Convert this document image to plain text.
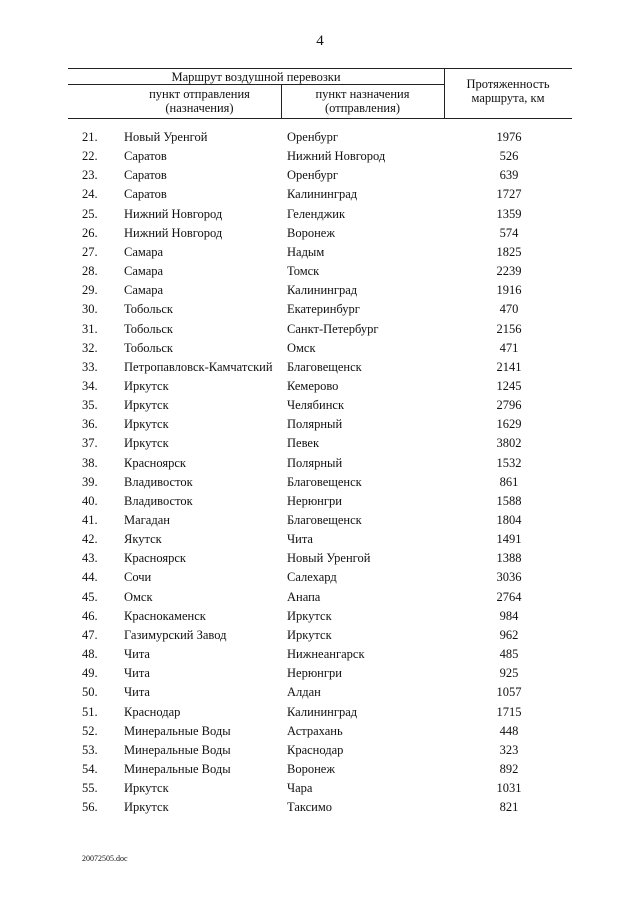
4
Маршрут воздушной перевозки
пункт отправления
(назначения)
пункт назначения
(отправления)
Протяженность
маршрута, км
21. Новый Уренгой	Оренбург	1976
22. Саратов	Нижний Новгород	526
23. Саратов	Оренбург	639
24. Саратов	Калининград	1727
25. Нижний Новгород	Геленджик	1359
26. Нижний Новгород	Воронеж	574
27. Самара	Надым	1825
28. Самара	Томск	2239
29. Самара	Калининград	1916
30. Тобольск	Екатеринбург	470
31. Тобольск	Санкт-Петербург	2156
32. Тобольск	Омск	471
33. Петропавловск-Камчатский Благовещенск	2141
34. Иркутск	Кемерово	1245
35. Иркутск	Челябинск	2796
36. Иркутск	Полярный	1629
37. Иркутск	Певек	3802
38. Красноярск	Полярный	1532
39. Владивосток	Благовещенск	861
40. Владивосток	Нерюнгри	1588
41. Магадан	Благовещенск	1804
42. Якутск	Чита	1491
43. Красноярск	Новый Уренгой	1388
44. Сочи	Салехард	3036
45. Омск	Анапа	2764
46. Краснокаменск	Иркутск	984
47. Газимурский Завод	Иркутск	962
48. Чита	Нижнеангарск	485
49. Чита	Нерюнгри	925
50. Чита	Алдан	1057
51. Краснодар	Калининград	1715
52. Минеральные Воды	Астрахань	448
53. Минеральные Воды	Краснодар	323
54. Минеральные Воды	Воронеж	892
55. Иркутск	Чара	1031
56. Иркутск	Таксимо	821
20072505.doc
